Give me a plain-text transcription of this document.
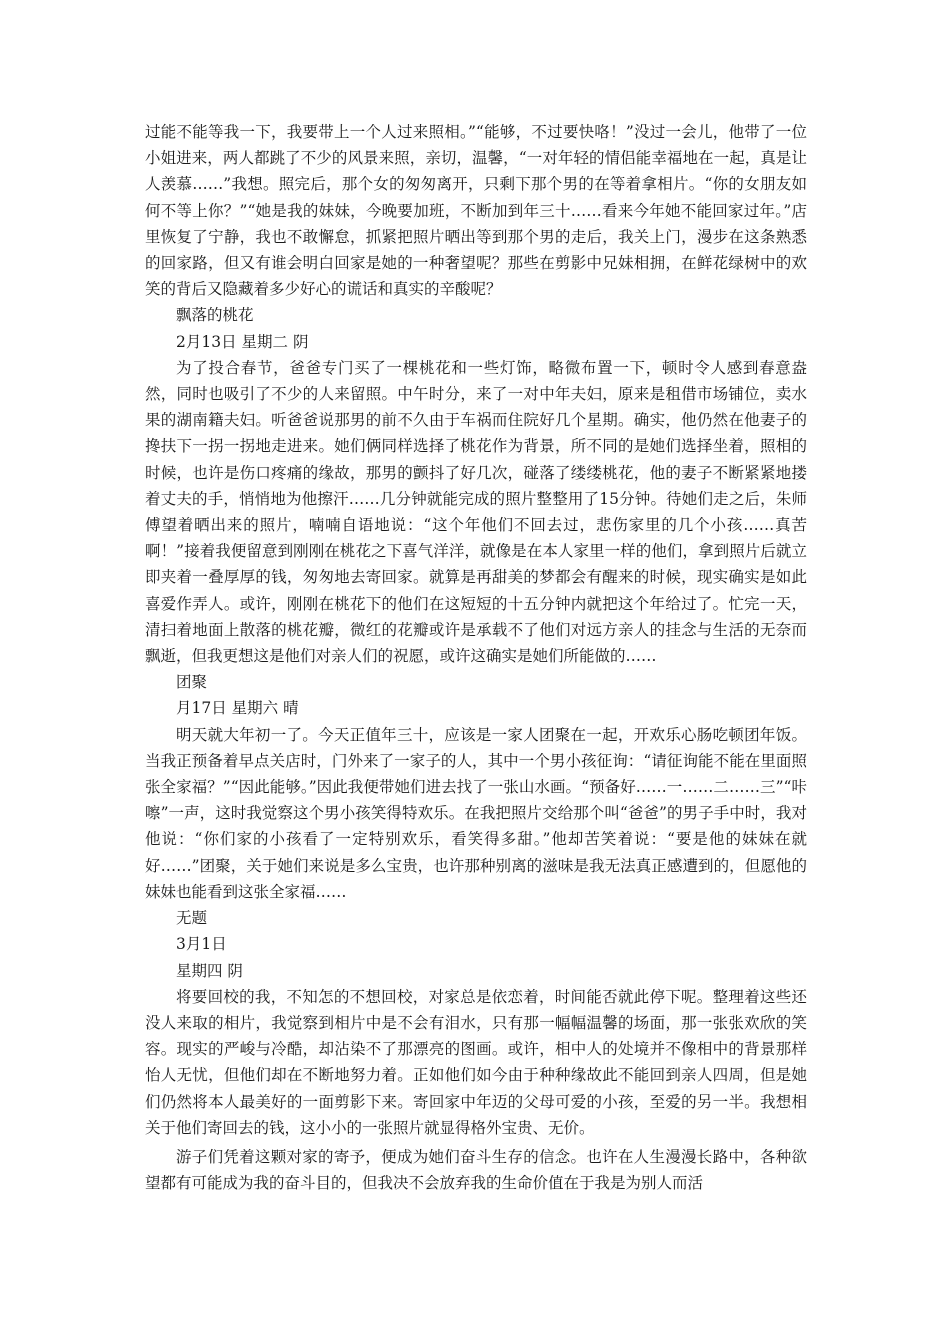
过能不能等我一下，我要带上一个人过来照相。”“能够，不过要快咯！”没过一会儿，他带了一位小姐进来，两人都跳了不少的风景来照，亲切，温馨，“一对年轻的情侣能幸福地在一起，真是让人羡慕……”我想。照完后，那个女的匆匆离开，只剩下那个男的在等着拿相片。“你的女朋友如何不等上你？”“她是我的妹妹，今晚要加班，不断加到年三十……看来今年她不能回家过年。”店里恢复了宁静，我也不敢懈怠，抓紧把照片晒出等到那个男的走后，我关上门，漫步在这条熟悉的回家路，但又有谁会明白回家是她的一种奢望呢？那些在剪影中兄妹相拥，在鲜花绿树中的欢笑的背后又隐藏着多少好心的谎话和真实的辛酸呢？

飘落的桃花

2月13日 星期二 阴

为了投合春节，爸爸专门买了一棵桃花和一些灯饰，略微布置一下，顿时令人感到春意盎然，同时也吸引了不少的人来留照。中午时分，来了一对中年夫妇，原来是租借市场铺位，卖水果的湖南籍夫妇。听爸爸说那男的前不久由于车祸而住院好几个星期。确实，他仍然在他妻子的搀扶下一拐一拐地走进来。她们俩同样选择了桃花作为背景，所不同的是她们选择坐着，照相的时候，也许是伤口疼痛的缘故，那男的颤抖了好几次，碰落了缕缕桃花，他的妻子不断紧紧地搂着丈夫的手，悄悄地为他擦汗……几分钟就能完成的照片整整用了15分钟。待她们走之后，朱师傅望着晒出来的照片，喃喃自语地说：“这个年他们不回去过，悲伤家里的几个小孩……真苦啊！”接着我便留意到刚刚在桃花之下喜气洋洋，就像是在本人家里一样的他们，拿到照片后就立即夹着一叠厚厚的钱，匆匆地去寄回家。就算是再甜美的梦都会有醒来的时候，现实确实是如此喜爱作弄人。或许，刚刚在桃花下的他们在这短短的十五分钟内就把这个年给过了。忙完一天，清扫着地面上散落的桃花瓣，微红的花瓣或许是承载不了他们对远方亲人的挂念与生活的无奈而飘逝，但我更想这是他们对亲人们的祝愿，或许这确实是她们所能做的……

团聚

月17日 星期六 晴

明天就大年初一了。今天正值年三十，应该是一家人团聚在一起，开欢乐心肠吃顿团年饭。当我正预备着早点关店时，门外来了一家子的人，其中一个男小孩征询：“请征询能不能在里面照张全家福？”“因此能够。”因此我便带她们进去找了一张山水画。“预备好……一……二……三”“咔嚓”一声，这时我觉察这个男小孩笑得特欢乐。在我把照片交给那个叫“爸爸”的男子手中时，我对他说：“你们家的小孩看了一定特别欢乐，看笑得多甜。”他却苦笑着说：“要是他的妹妹在就好……”团聚，关于她们来说是多么宝贵，也许那种别离的滋味是我无法真正感遭到的，但愿他的妹妹也能看到这张全家福……

无题

3月1日

星期四 阴

将要回校的我，不知怎的不想回校，对家总是依恋着，时间能否就此停下呢。整理着这些还没人来取的相片，我觉察到相片中是不会有泪水，只有那一幅幅温馨的场面，那一张张欢欣的笑容。现实的严峻与冷酷，却沾染不了那漂亮的图画。或许，相中人的处境并不像相中的背景那样怡人无忧，但他们却在不断地努力着。正如他们如今由于种种缘故此不能回到亲人四周，但是她们仍然将本人最美好的一面剪影下来。寄回家中年迈的父母可爱的小孩，至爱的另一半。我想相关于他们寄回去的钱，这小小的一张照片就显得格外宝贵、无价。

游子们凭着这颗对家的寄予，便成为她们奋斗生存的信念。也许在人生漫漫长路中，各种欲望都有可能成为我的奋斗目的，但我决不会放弃我的生命价值在于我是为别人而活
